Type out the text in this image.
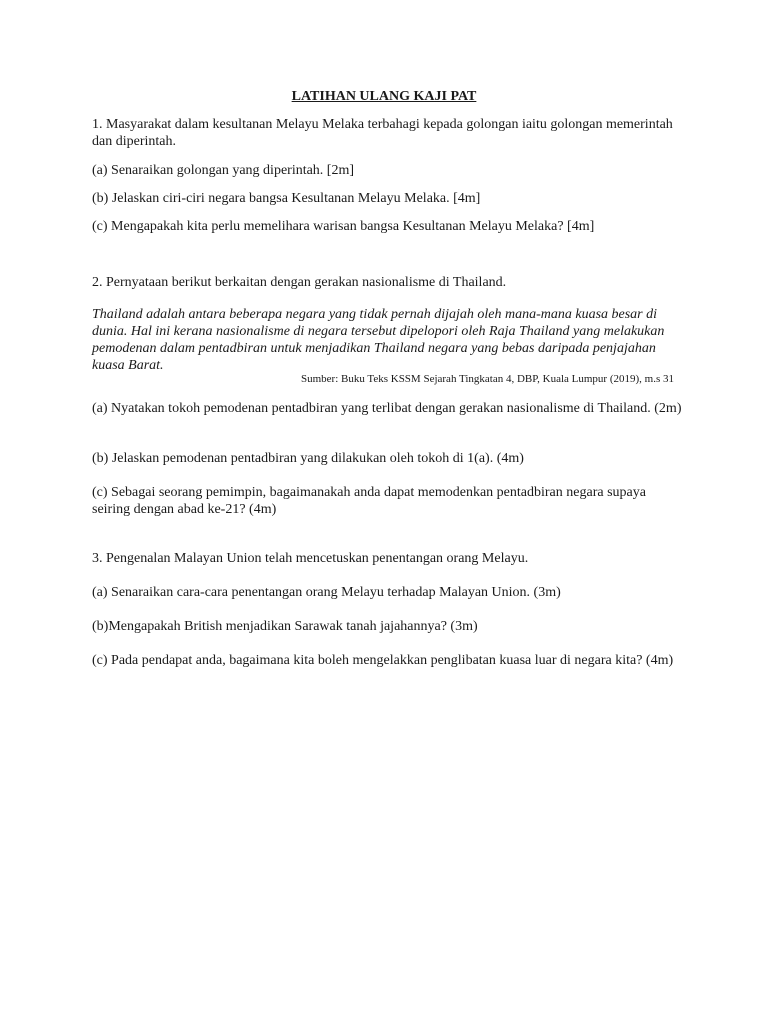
LATIHAN ULANG KAJI PAT

1. Masyarakat dalam kesultanan Melayu Melaka terbahagi kepada golongan iaitu golongan memerintah dan diperintah.

(a) Senaraikan golongan yang diperintah. [2m]

(b) Jelaskan ciri-ciri negara bangsa Kesultanan Melayu Melaka. [4m]

(c) Mengapakah kita perlu memelihara warisan bangsa Kesultanan Melayu Melaka? [4m]

2. Pernyataan berikut berkaitan dengan gerakan nasionalisme di Thailand.

Thailand adalah antara beberapa negara yang tidak pernah dijajah oleh mana-mana kuasa besar di dunia. Hal ini kerana nasionalisme di negara tersebut dipelopori oleh Raja Thailand yang melakukan pemodenan dalam pentadbiran untuk menjadikan Thailand negara yang bebas daripada penjajahan kuasa Barat.

Sumber: Buku Teks KSSM Sejarah Tingkatan 4, DBP, Kuala Lumpur (2019), m.s 31

(a) Nyatakan tokoh pemodenan pentadbiran yang terlibat dengan gerakan nasionalisme di Thailand. (2m)

(b) Jelaskan pemodenan pentadbiran yang dilakukan oleh tokoh di 1(a). (4m)

(c) Sebagai seorang pemimpin, bagaimanakah anda dapat memodenkan pentadbiran negara supaya seiring dengan abad ke-21? (4m)

3. Pengenalan Malayan Union telah mencetuskan penentangan orang Melayu.

(a) Senaraikan cara-cara penentangan orang Melayu terhadap Malayan Union. (3m)

(b)Mengapakah British menjadikan Sarawak tanah jajahannya? (3m)

(c) Pada pendapat anda, bagaimana kita boleh mengelakkan penglibatan kuasa luar di negara kita? (4m)
